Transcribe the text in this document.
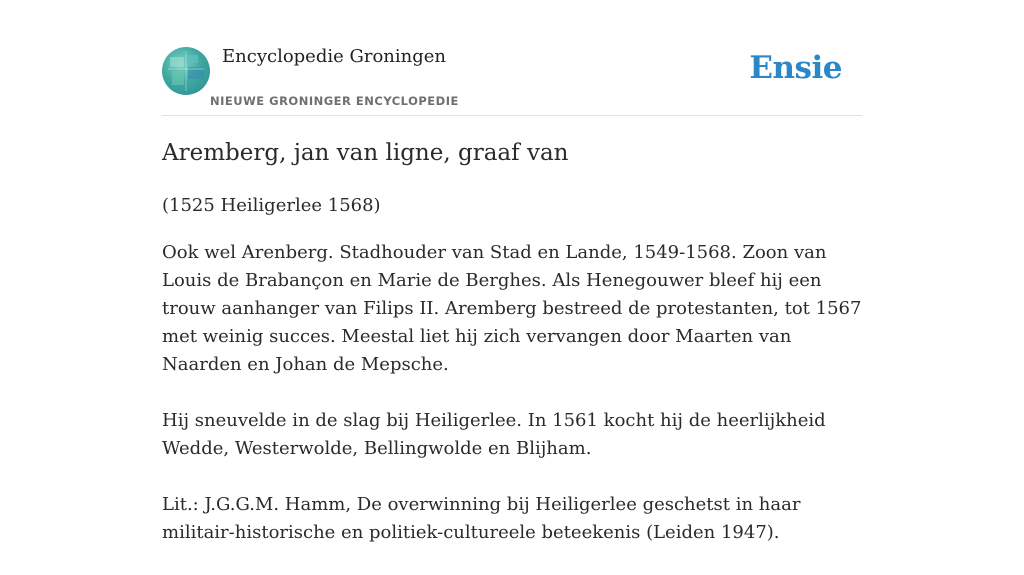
Encyclopedie Groningen
NIEUWE GRONINGER ENCYCLOPEDIE
Ensie
Aremberg, jan van ligne, graaf van
(1525 Heiligerlee 1568)

Ook wel Arenberg. Stadhouder van Stad en Lande, 1549-1568. Zoon van Louis de Brabançon en Marie de Berghes. Als Henegouwer bleef hij een trouw aanhanger van Filips II. Aremberg bestreed de protestanten, tot 1567 met weinig succes. Meestal liet hij zich vervangen door Maarten van Naarden en Johan de Mepsche.

Hij sneuvelde in de slag bij Heiligerlee. In 1561 kocht hij de heerlijkheid Wedde, Westerwolde, Bellingwolde en Blijham.

Lit.: J.G.G.M. Hamm, De overwinning bij Heiligerlee geschetst in haar militair-historische en politiek-cultureele beteekenis (Leiden 1947).
